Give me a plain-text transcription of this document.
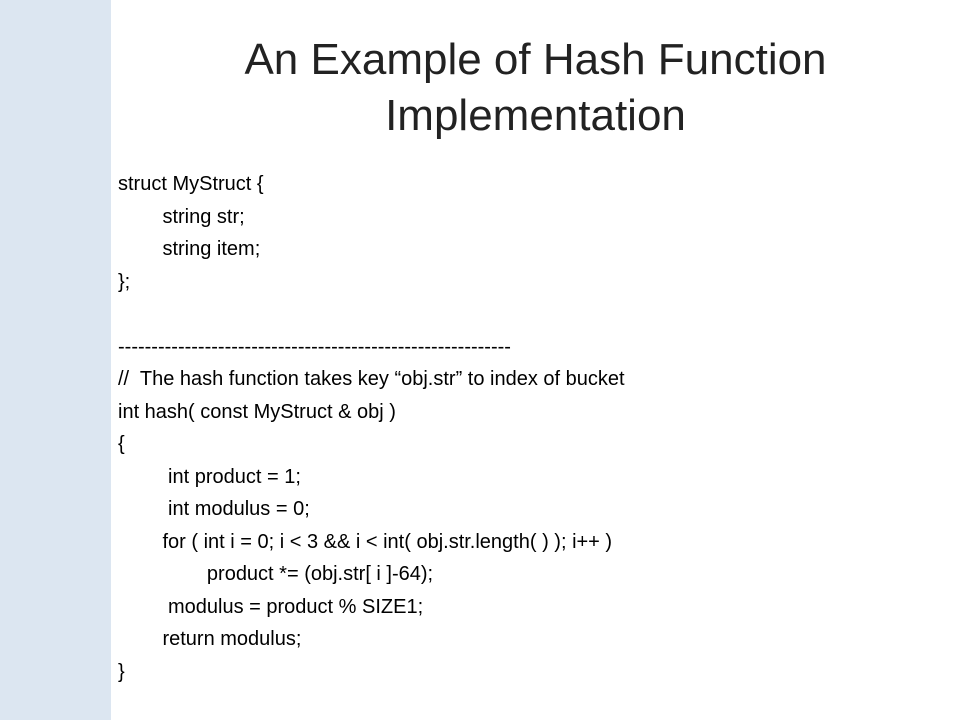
An Example of Hash Function
Implementation
struct MyStruct {
string str;
string item;
};
-----------------------------------------------------------
//  The hash function takes key “obj.str” to index of bucket
int hash( const MyStruct & obj )
{
int product = 1;
int modulus = 0;
for ( int i = 0; i < 3 && i < int( obj.str.length( ) ); i++ )
product *= (obj.str[ i ]-64);
modulus = product % SIZE1;
return modulus;
}
